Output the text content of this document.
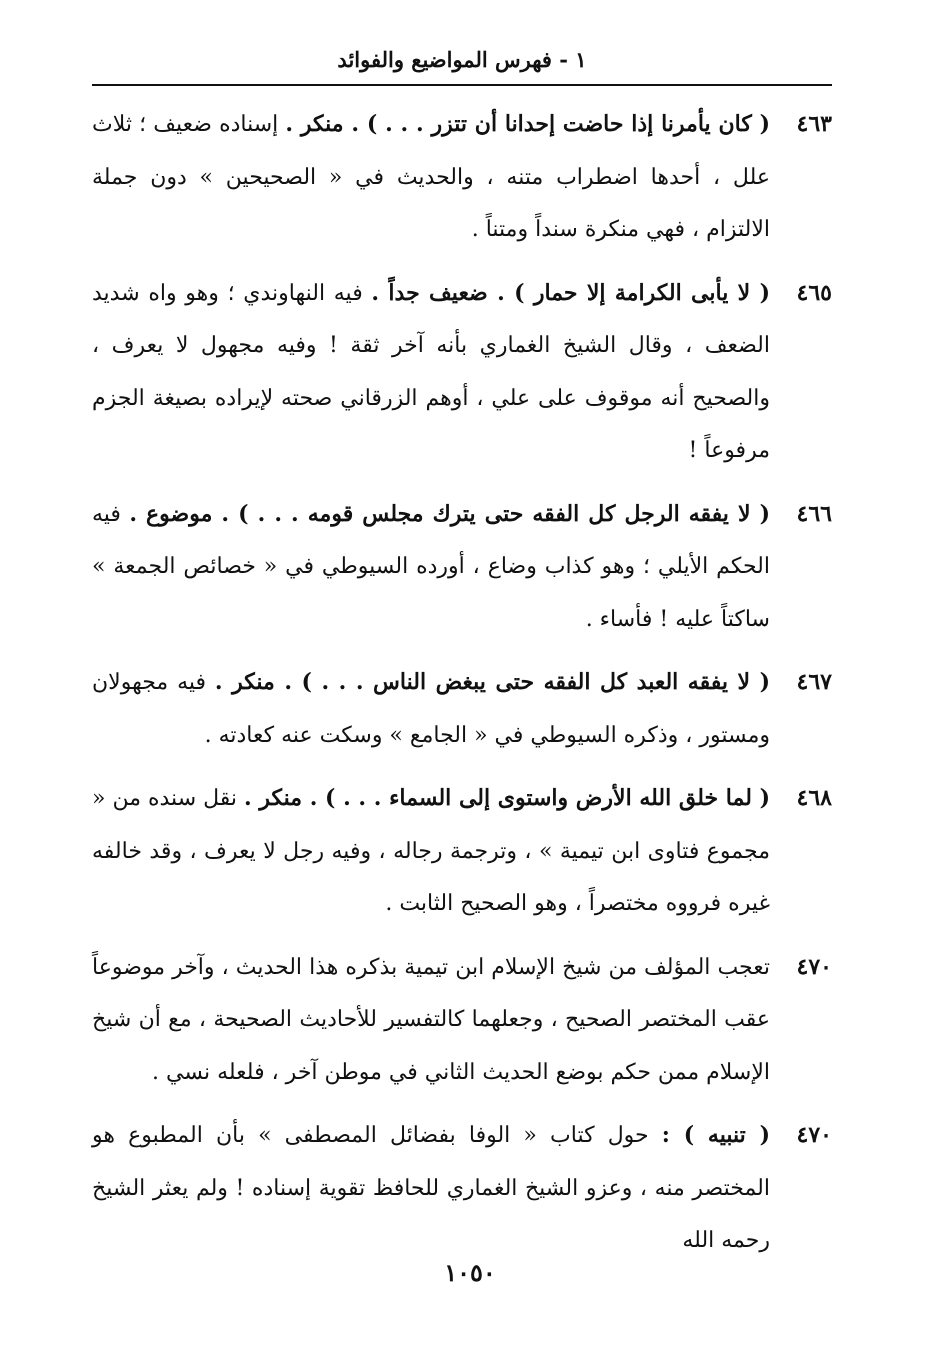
١ - فهرس المواضيع والفوائد
٤٦٣
( كان يأمرنا إذا حاضت إحدانا أن تتزر . . . ) . منكر . إسناده ضعيف ؛ ثلاث علل ، أحدها اضطراب متنه ، والحديث في « الصحيحين » دون جملة الالتزام ، فهي منكرة سنداً ومتناً .
٤٦٥
( لا يأبى الكرامة إلا حمار ) . ضعيف جداً . فيه النهاوندي ؛ وهو واه شديد الضعف ، وقال الشيخ الغماري بأنه آخر ثقة ! وفيه مجهول لا يعرف ، والصحيح أنه موقوف على علي ، أوهم الزرقاني صحته لإيراده بصيغة الجزم مرفوعاً !
٤٦٦
( لا يفقه الرجل كل الفقه حتى يترك مجلس قومه . . . ) . موضوع . فيه الحكم الأيلي ؛ وهو كذاب وضاع ، أورده السيوطي في « خصائص الجمعة » ساكتاً عليه ! فأساء .
٤٦٧
( لا يفقه العبد كل الفقه حتى يبغض الناس . . . ) . منكر . فيه مجهولان ومستور ، وذكره السيوطي في « الجامع » وسكت عنه كعادته .
٤٦٨
( لما خلق الله الأرض واستوى إلى السماء . . . ) . منكر . نقل سنده من « مجموع فتاوى ابن تيمية » ، وترجمة رجاله ، وفيه رجل لا يعرف ، وقد خالفه غيره فرووه مختصراً ، وهو الصحيح الثابت .
٤٧٠
تعجب المؤلف من شيخ الإسلام ابن تيمية بذكره هذا الحديث ، وآخر موضوعاً عقب المختصر الصحيح ، وجعلهما كالتفسير للأحاديث الصحيحة ، مع أن شيخ الإسلام ممن حكم بوضع الحديث الثاني في موطن آخر ، فلعله نسي .
٤٧٠
( تنبيه ) : حول كتاب « الوفا بفضائل المصطفى » بأن المطبوع هو المختصر منه ، وعزو الشيخ الغماري للحافظ تقوية إسناده ! ولم يعثر الشيخ رحمه الله
١٠٥٠
